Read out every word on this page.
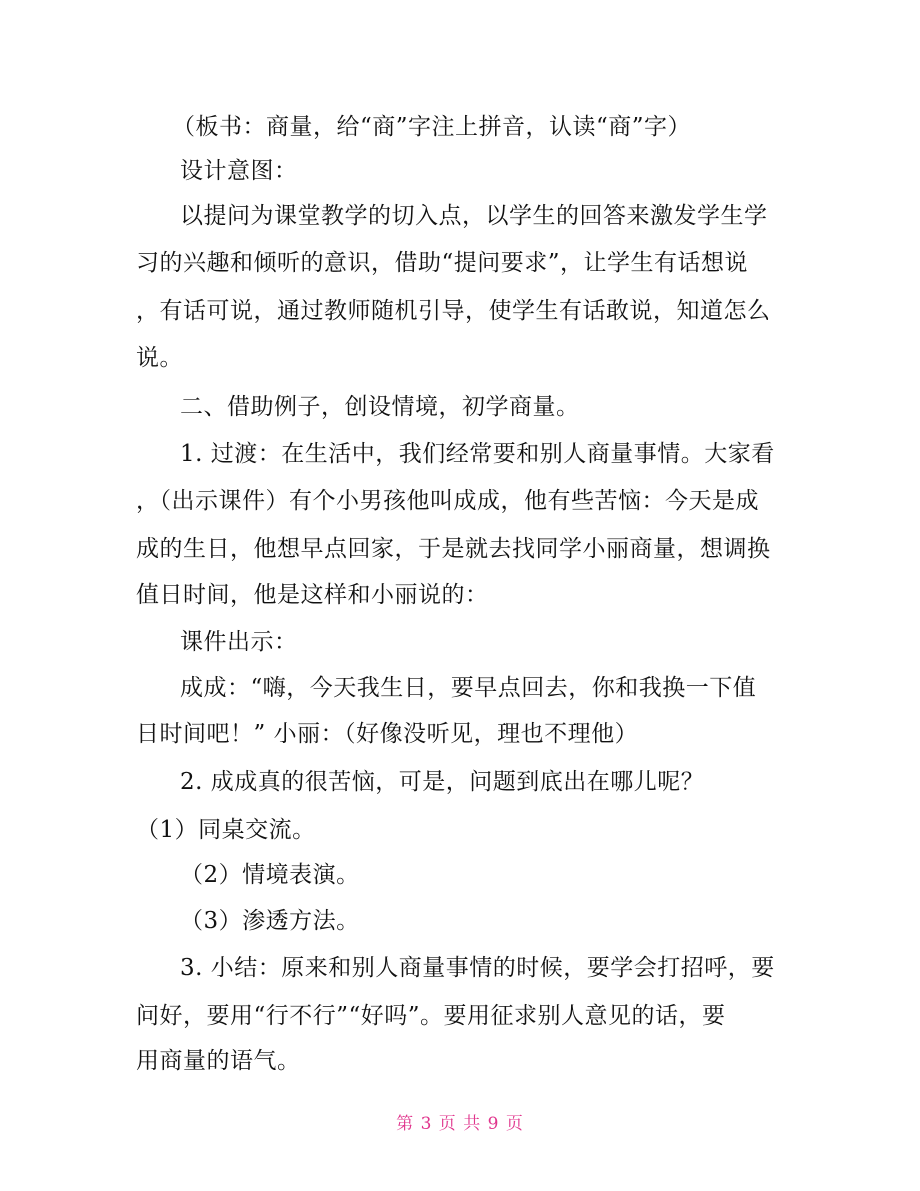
（板书：商量，给“商”字注上拼音，认读“商”字）
设计意图：
以提问为课堂教学的切入点，以学生的回答来激发学生学
习的兴趣和倾听的意识，借助“提问要求”，让学生有话想说
，有话可说，通过教师随机引导，使学生有话敢说，知道怎么
说。
二、借助例子，创设情境，初学商量。
1. 过渡：在生活中，我们经常要和别人商量事情。大家看
，（出示课件）有个小男孩他叫成成，他有些苦恼：今天是成
成的生日，他想早点回家，于是就去找同学小丽商量，想调换
值日时间，他是这样和小丽说的：
课件出示：
成成：“嗨，今天我生日，要早点回去，你和我换一下值
日时间吧！” 小丽：（好像没听见，理也不理他）
2. 成成真的很苦恼，可是，问题到底出在哪儿呢？
（1）同桌交流。
（2）情境表演。
（3）渗透方法。
3. 小结：原来和别人商量事情的时候，要学会打招呼，要
问好，要用“行不行”“好吗”。要用征求别人意见的话，要
用商量的语气。
第 3 页 共 9 页
